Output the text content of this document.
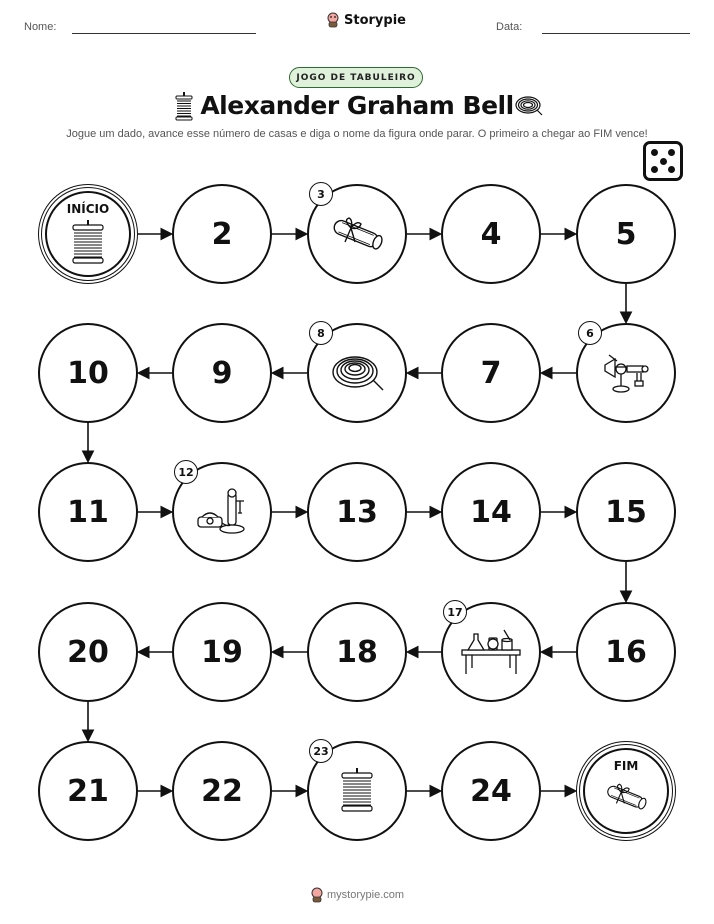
Nome:	Storypie	Data:
JOGO DE TABULEIRO
Alexander Graham Bell
Jogue um dado, avance esse número de casas e diga o nome da figura onde parar. O primeiro a chegar ao FIM vence!
INÍCIO
2
3
4	5
6
7
8
9
10
11
12
13	14	15
16
17
18
19
20
21	22
23
24
FIM
mystorypie.com
